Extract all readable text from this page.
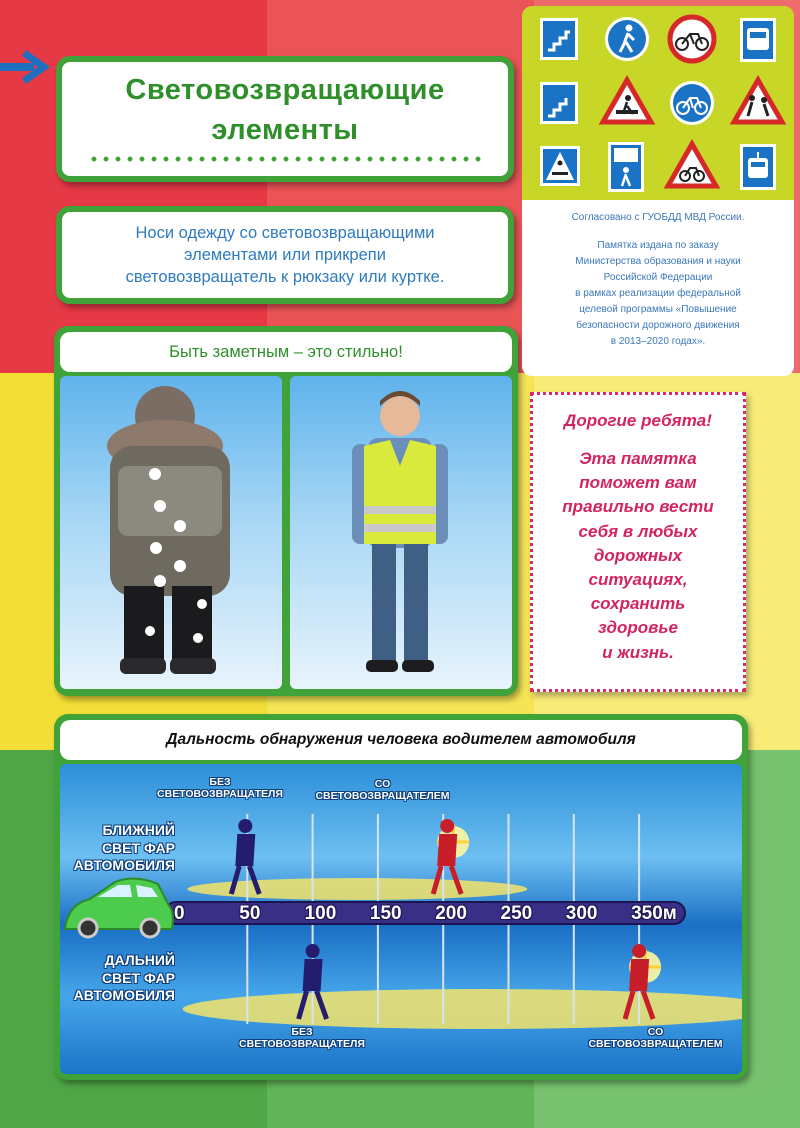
Световозвращающие
элементы
Носи одежду со световозвращающими
элементами или прикрепи
световозвращатель к рюкзаку или куртке.
Быть заметным – это стильно!
Согласовано с ГУОБДД МВД России.
Памятка издана по заказу
Министерства образования и науки
Российской Федерации
в рамках реализации федеральной
целевой программы «Повышение
безопасности дорожного движения
в 2013–2020 годах».
Дорогие ребята!
Эта памятка
поможет вам
правильно вести
себя в любых
дорожных
ситуациях,
сохранить
здоровье
и жизнь.
Дальность обнаружения человека водителем автомобиля
БЛИЖНИЙ
СВЕТ ФАР
АВТОМОБИЛЯ
ДАЛЬНИЙ
СВЕТ ФАР
АВТОМОБИЛЯ
БЕЗ
СВЕТОВОЗВРАЩАТЕЛЯ
СО
СВЕТОВОЗВРАЩАТЕЛЕМ
БЕЗ
СВЕТОВОЗВРАЩАТЕЛЯ
СО
СВЕТОВОЗВРАЩАТЕЛЕМ
0	50 100 150 200 250 300 350м
